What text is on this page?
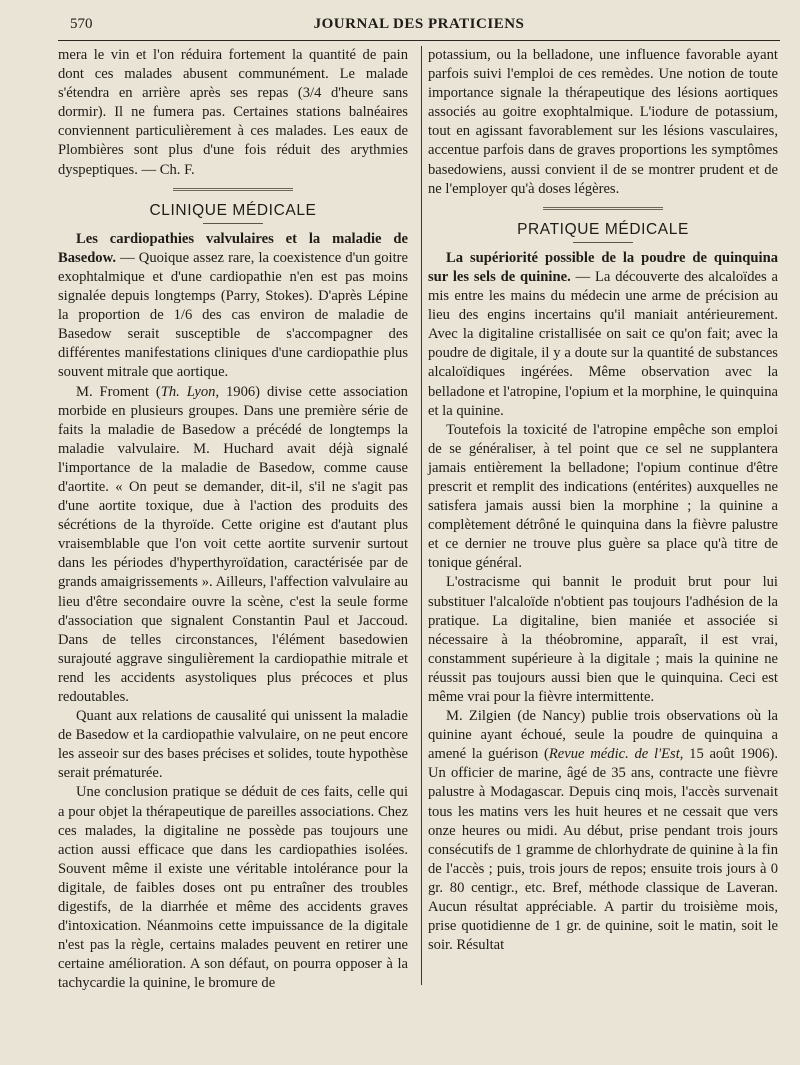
570	JOURNAL DES PRATICIENS

mera le vin et l'on réduira fortement la quantité de pain dont ces malades abusent communément. Le malade s'étendra en arrière après ses repas (3/4 d'heure sans dormir). Il ne fumera pas. Certaines stations balnéaires conviennent particulièrement à ces malades. Les eaux de Plombières sont plus d'une fois réduit des arythmies dyspeptiques. — Ch. F.

CLINIQUE MÉDICALE

Les cardiopathies valvulaires et la maladie de Basedow. — Quoique assez rare, la coexistence d'un goitre exophtalmique et d'une cardiopathie n'en est pas moins signalée depuis longtemps (Parry, Stokes). D'après Lépine la proportion de 1/6 des cas environ de maladie de Basedow serait susceptible de s'accompagner des différentes manifestations cliniques d'une cardiopathie plus souvent mitrale que aortique.

M. Froment (Th. Lyon, 1906) divise cette association morbide en plusieurs groupes. Dans une première série de faits la maladie de Basedow a précédé de longtemps la maladie valvulaire. M. Huchard avait déjà signalé l'importance de la maladie de Basedow, comme cause d'aortite. « On peut se demander, dit-il, s'il ne s'agit pas d'une aortite toxique, due à l'action des produits des sécrétions de la thyroïde. Cette origine est d'autant plus vraisemblable que l'on voit cette aortite survenir surtout dans les périodes d'hyperthyroïdation, caractérisée par de grands amaigrissements ». Ailleurs, l'affection valvulaire au lieu d'être secondaire ouvre la scène, c'est la seule forme d'association que signalent Constantin Paul et Jaccoud. Dans de telles circonstances, l'élément basedowien surajouté aggrave singulièrement la cardiopathie mitrale et rend les accidents asystoliques plus précoces et plus redoutables.

Quant aux relations de causalité qui unissent la maladie de Basedow et la cardiopathie valvulaire, on ne peut encore les asseoir sur des bases précises et solides, toute hypothèse serait prématurée.

Une conclusion pratique se déduit de ces faits, celle qui a pour objet la thérapeutique de pareilles associations. Chez ces malades, la digitaline ne possède pas toujours une action aussi efficace que dans les cardiopathies isolées. Souvent même il existe une véritable intolérance pour la digitale, de faibles doses ont pu entraîner des troubles digestifs, de la diarrhée et même des accidents graves d'intoxication. Néanmoins cette impuissance de la digitale n'est pas la règle, certains malades peuvent en retirer une certaine amélioration. A son défaut, on pourra opposer à la tachycardie la quinine, le bromure de

potassium, ou la belladone, une influence favorable ayant parfois suivi l'emploi de ces remèdes. Une notion de toute importance signale la thérapeutique des lésions aortiques associés au goitre exophtalmique. L'iodure de potassium, tout en agissant favorablement sur les lésions vasculaires, accentue parfois dans de graves proportions les symptômes basedowiens, aussi convient il de se montrer prudent et de ne l'employer qu'à doses légères.

PRATIQUE MÉDICALE

La supériorité possible de la poudre de quinquina sur les sels de quinine. — La découverte des alcaloïdes a mis entre les mains du médecin une arme de précision au lieu des engins incertains qu'il maniait antérieurement. Avec la digitaline cristallisée on sait ce qu'on fait; avec la poudre de digitale, il y a doute sur la quantité de substances alcaloïdiques ingérées. Même observation avec la belladone et l'atropine, l'opium et la morphine, le quinquina et la quinine.

Toutefois la toxicité de l'atropine empêche son emploi de se généraliser, à tel point que ce sel ne supplantera jamais entièrement la belladone; l'opium continue d'être prescrit et remplit des indications (entérites) auxquelles ne satisfera jamais aussi bien la morphine ; la quinine a complètement détrôné le quinquina dans la fièvre palustre et ce dernier ne trouve plus guère sa place qu'à titre de tonique général.

L'ostracisme qui bannit le produit brut pour lui substituer l'alcaloïde n'obtient pas toujours l'adhésion de la pratique. La digitaline, bien maniée et associée si nécessaire à la théobromine, apparaît, il est vrai, constamment supérieure à la digitale ; mais la quinine ne réussit pas toujours aussi bien que le quinquina. Ceci est même vrai pour la fièvre intermittente.

M. Zilgien (de Nancy) publie trois observations où la quinine ayant échoué, seule la poudre de quinquina a amené la guérison (Revue médic. de l'Est, 15 août 1906). Un officier de marine, âgé de 35 ans, contracte une fièvre palustre à Modagascar. Depuis cinq mois, l'accès survenait tous les matins vers les huit heures et ne cessait que vers onze heures ou midi. Au début, prise pendant trois jours consécutifs de 1 gramme de chlorhydrate de quinine à la fin de l'accès ; puis, trois jours de repos; ensuite trois jours à 0 gr. 80 centigr., etc. Bref, méthode classique de Laveran. Aucun résultat appréciable. A partir du troisième mois, prise quotidienne de 1 gr. de quinine, soit le matin, soit le soir. Résultat
